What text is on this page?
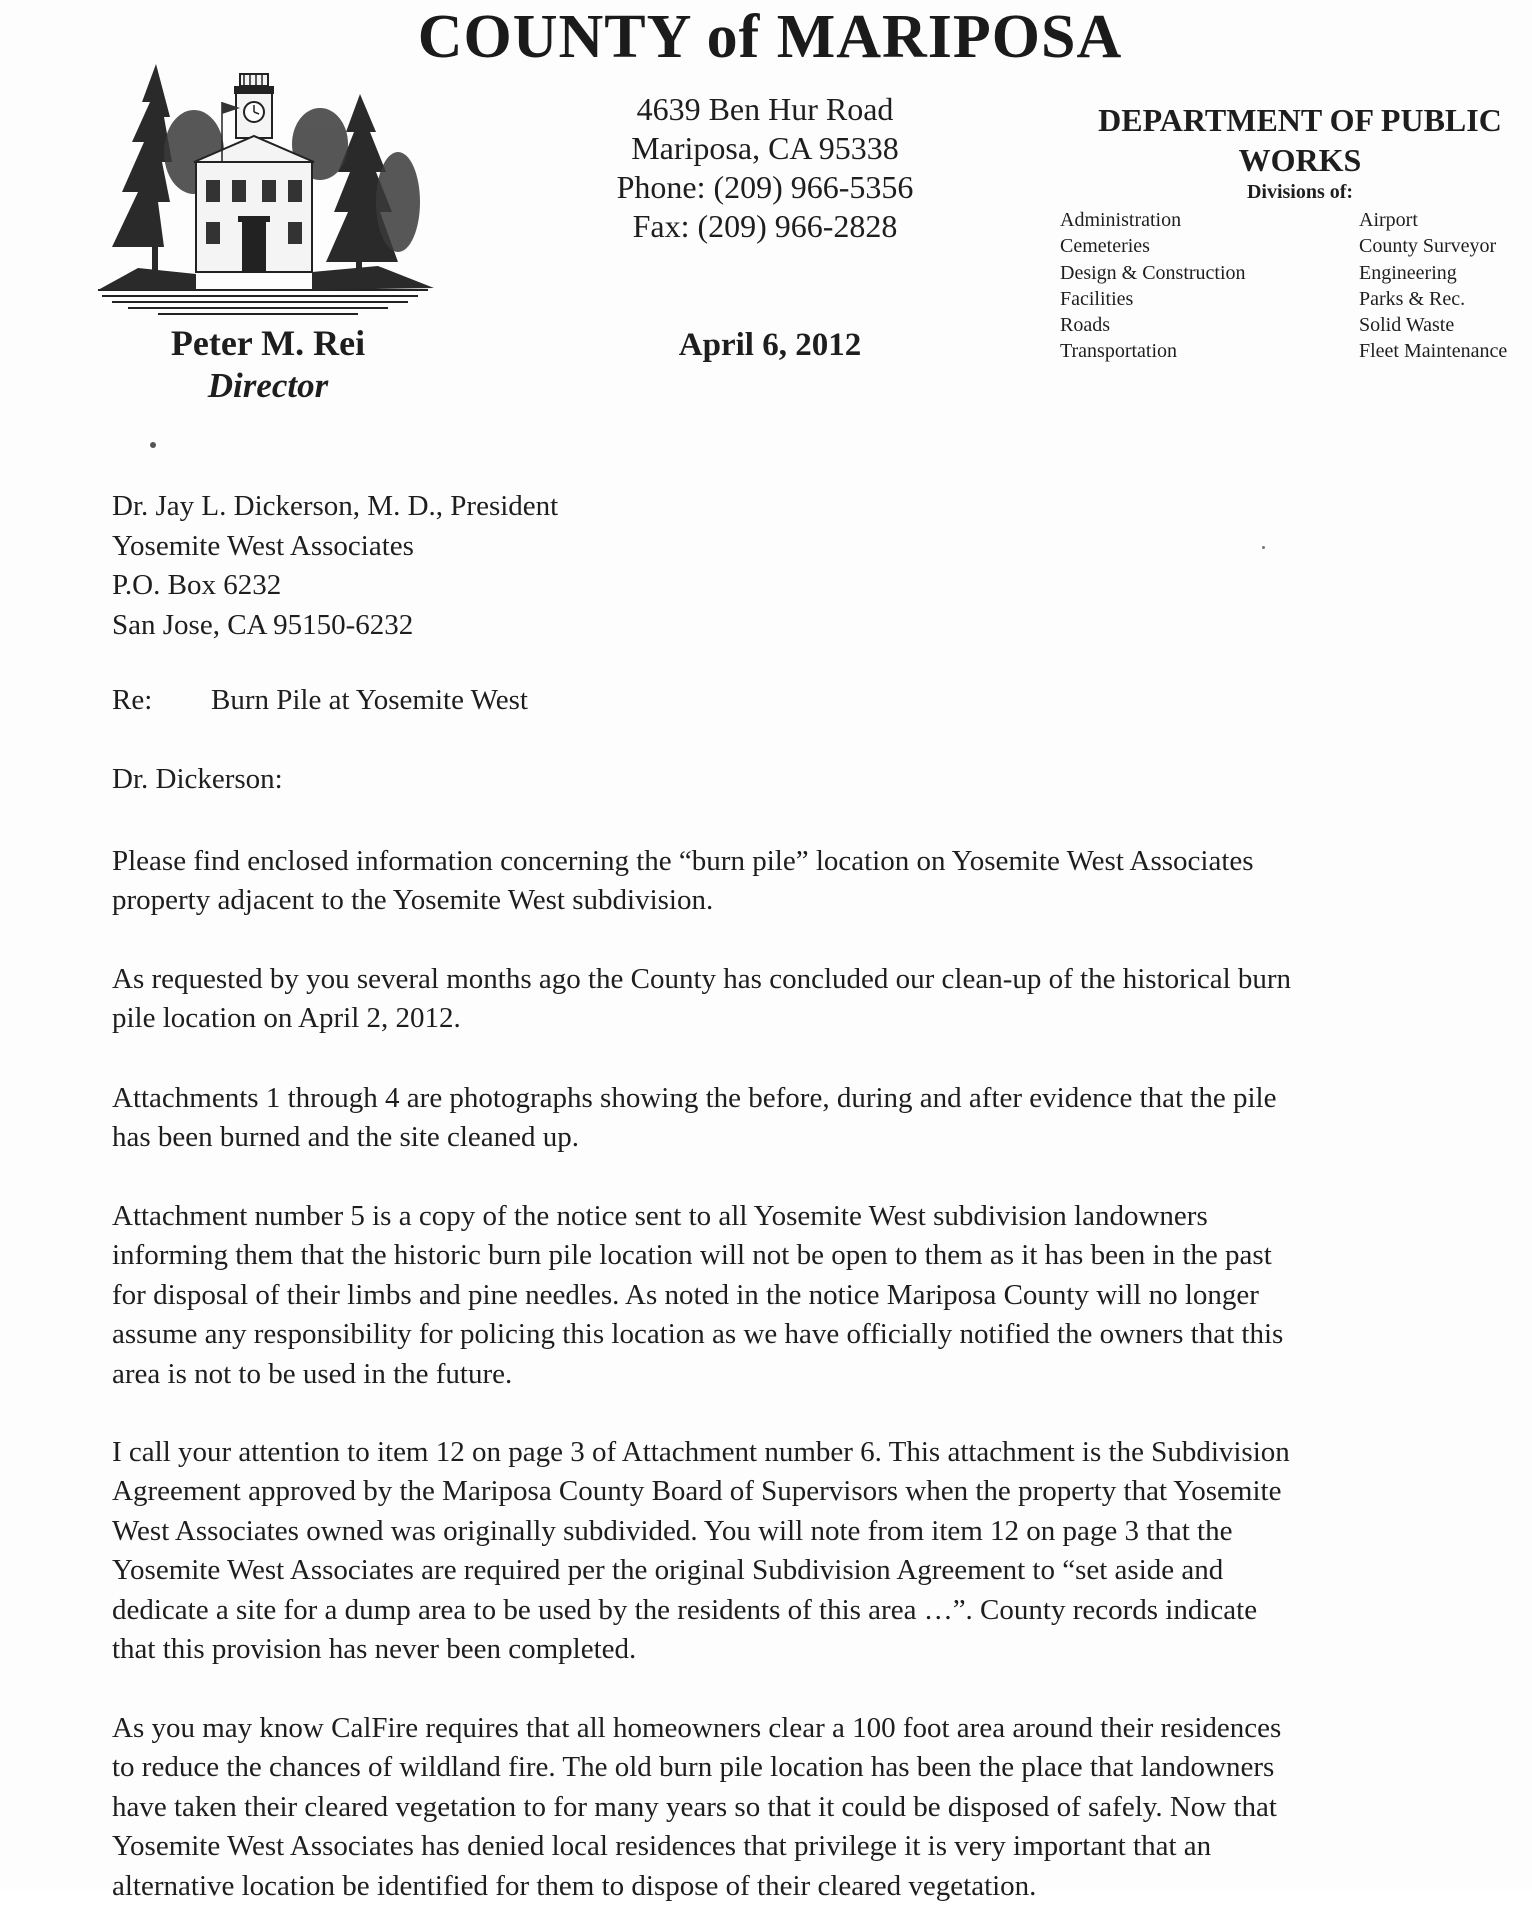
COUNTY of MARIPOSA
Peter M. Rei
Director
4639 Ben Hur Road
Mariposa, CA 95338
Phone: (209) 966-5356
Fax: (209) 966-2828
April 6, 2012
DEPARTMENT OF PUBLIC
WORKS
Divisions of:
Administration
Cemeteries
Design & Construction
Facilities
Roads
Transportation
Airport
County Surveyor
Engineering
Parks & Rec.
Solid Waste
Fleet Maintenance
Dr. Jay L. Dickerson, M. D., President
Yosemite West Associates
P.O. Box 6232
San Jose, CA 95150-6232
Re: Burn Pile at Yosemite West
Dr. Dickerson:

Please find enclosed information concerning the “burn pile” location on Yosemite West Associates
property adjacent to the Yosemite West subdivision.

As requested by you several months ago the County has concluded our clean-up of the historical burn
pile location on April 2, 2012.

Attachments 1 through 4 are photographs showing the before, during and after evidence that the pile
has been burned and the site cleaned up.

Attachment number 5 is a copy of the notice sent to all Yosemite West subdivision landowners
informing them that the historic burn pile location will not be open to them as it has been in the past
for disposal of their limbs and pine needles. As noted in the notice Mariposa County will no longer
assume any responsibility for policing this location as we have officially notified the owners that this
area is not to be used in the future.

I call your attention to item 12 on page 3 of Attachment number 6. This attachment is the Subdivision
Agreement approved by the Mariposa County Board of Supervisors when the property that Yosemite
West Associates owned was originally subdivided. You will note from item 12 on page 3 that the
Yosemite West Associates are required per the original Subdivision Agreement to “set aside and
dedicate a site for a dump area to be used by the residents of this area …”. County records indicate
that this provision has never been completed.

As you may know CalFire requires that all homeowners clear a 100 foot area around their residences
to reduce the chances of wildland fire. The old burn pile location has been the place that landowners
have taken their cleared vegetation to for many years so that it could be disposed of safely. Now that
Yosemite West Associates has denied local residences that privilege it is very important that an
alternative location be identified for them to dispose of their cleared vegetation.
